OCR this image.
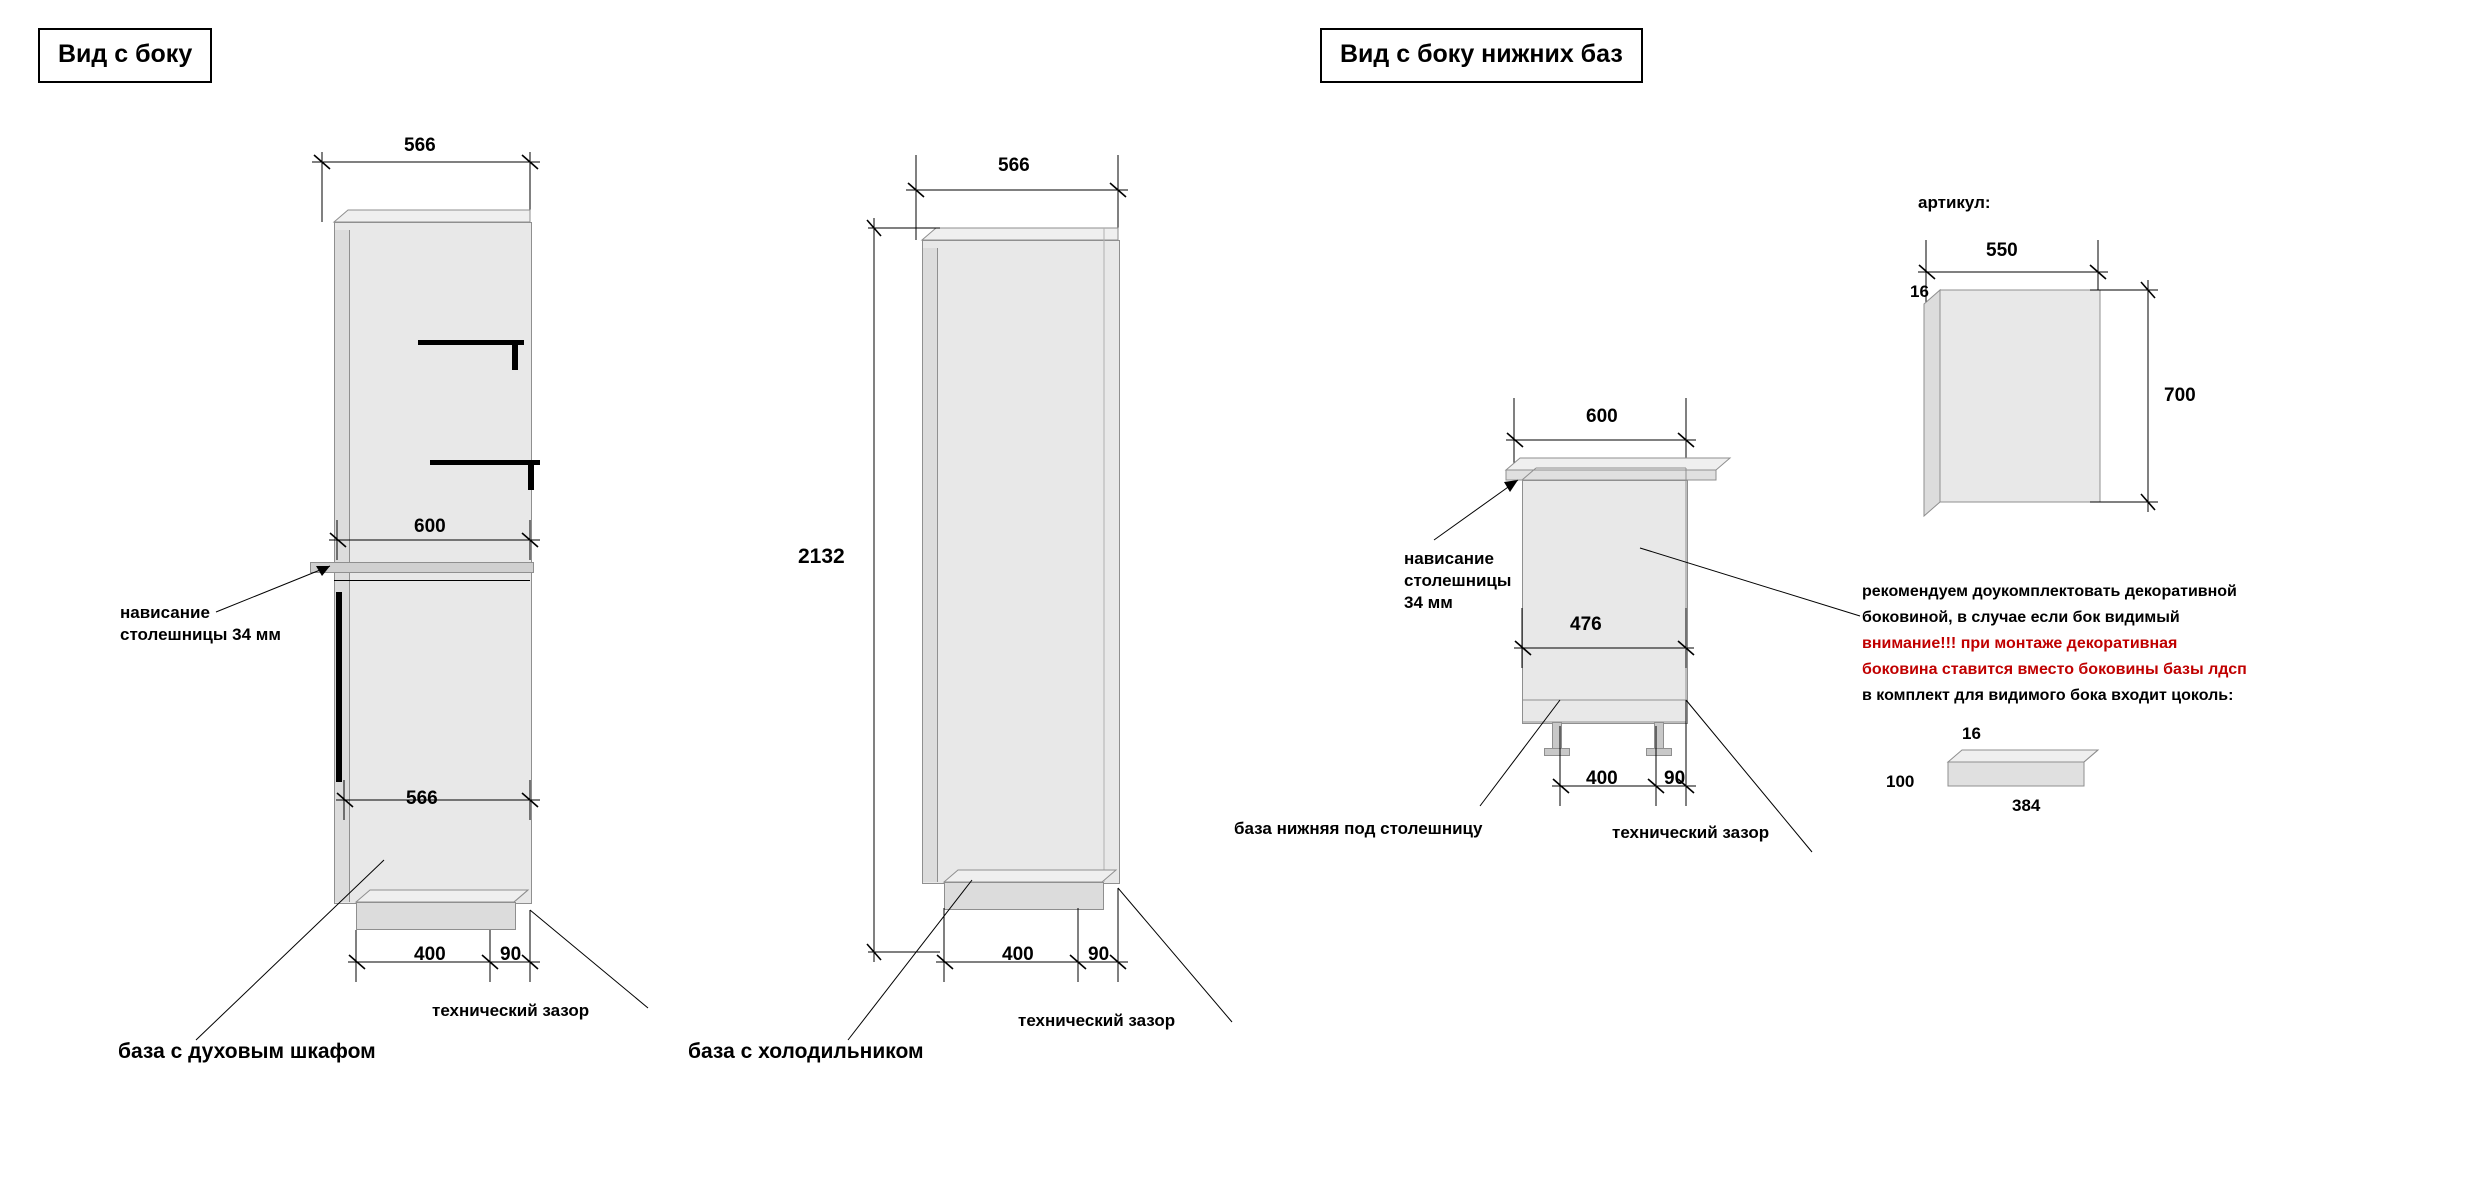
Вид с боку	Вид с боку нижних баз
566
600
566
400	90
нависание
столешницы 34 мм
технический зазор
база с духовым шкафом
566
2132
400	90
технический зазор
база с холодильником
600
476
400 90
нависание
столешницы
34 мм
база нижняя под столешницу	технический зазор
артикул:
550
16
700
рекомендуем доукомплектовать декоративной
боковиной, в случае если бок видимый
внимание!!! при монтаже декоративная
боковина ставится вместо боковины базы лдсп
в комплект для видимого бока входит цоколь:
16
100
384
